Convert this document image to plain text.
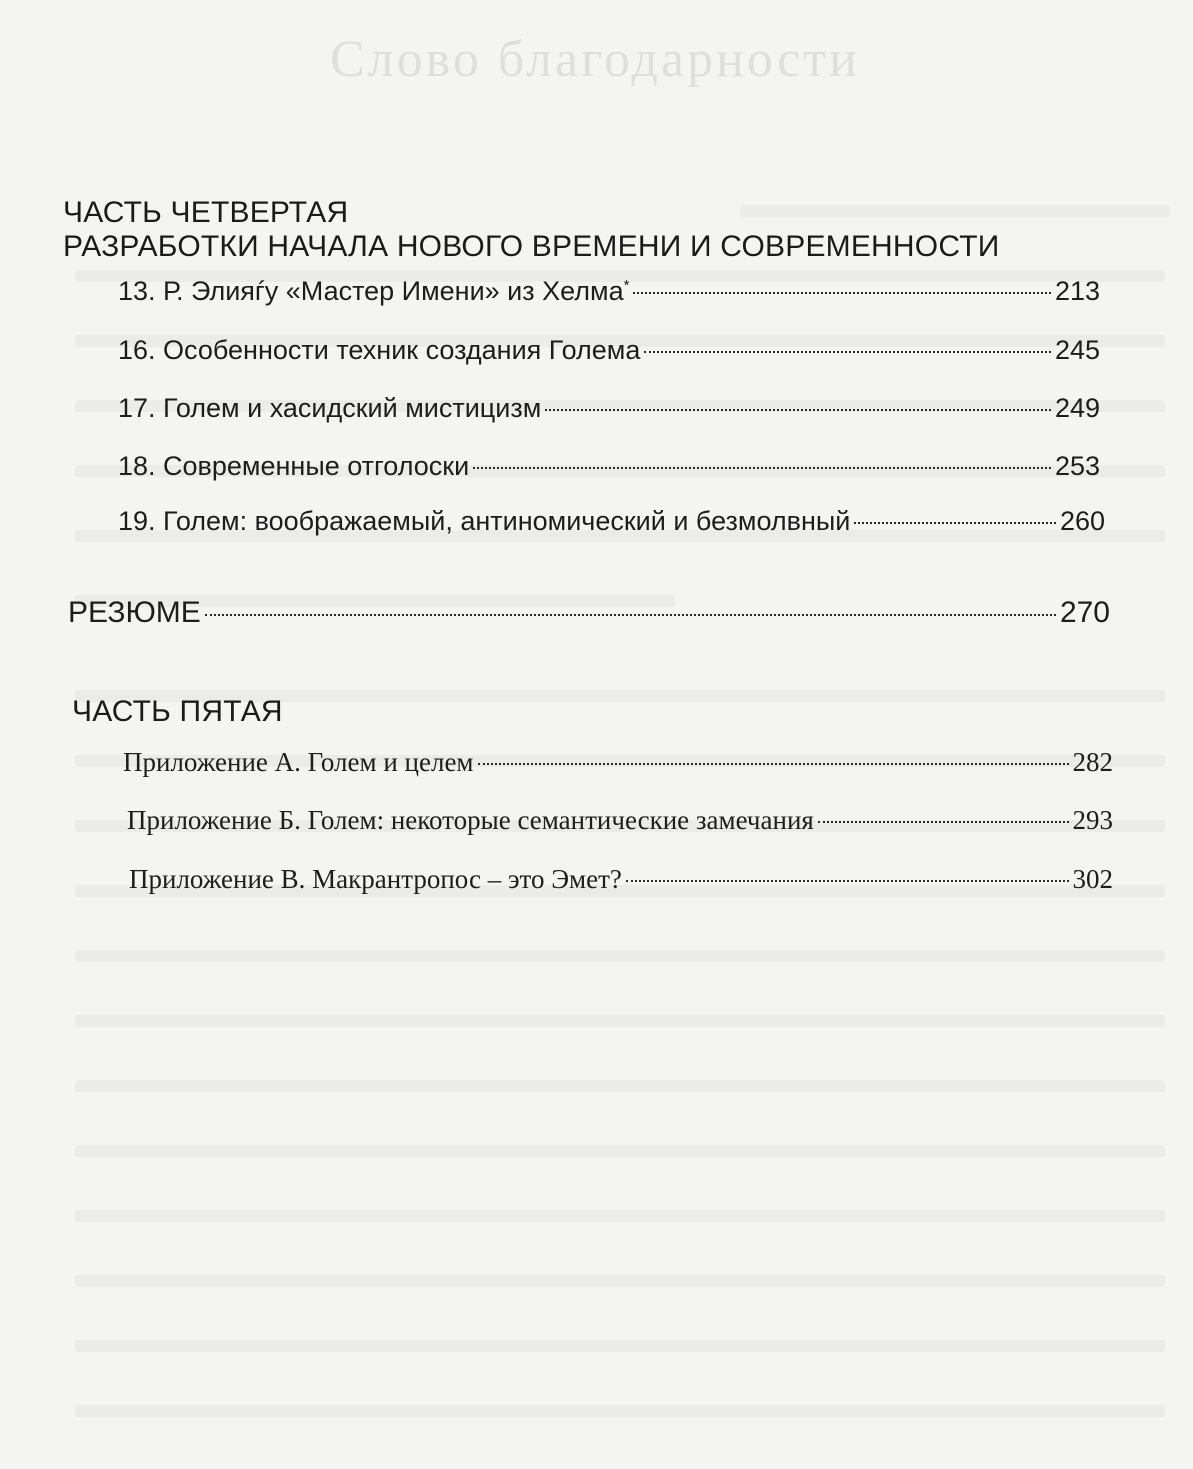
Слово благодарности
ЧАСТЬ ЧЕТВЕРТАЯ
РАЗРАБОТКИ НАЧАЛА НОВОГО ВРЕМЕНИ И СОВРЕМЕННОСТИ
13. Р. Элияѓу «Мастер Имени» из Хелма*	213
16. Особенности техник создания Голема	245
17. Голем и хасидский мистицизм	249
18. Современные отголоски	253
19. Голем: воображаемый, антиномический и безмолвный	260
РЕЗЮМЕ	270
ЧАСТЬ ПЯТАЯ
Приложение А. Голем и целем	282
Приложение Б. Голем: некоторые семантические замечания	293
Приложение В. Макрантропос – это Эмет?	302
